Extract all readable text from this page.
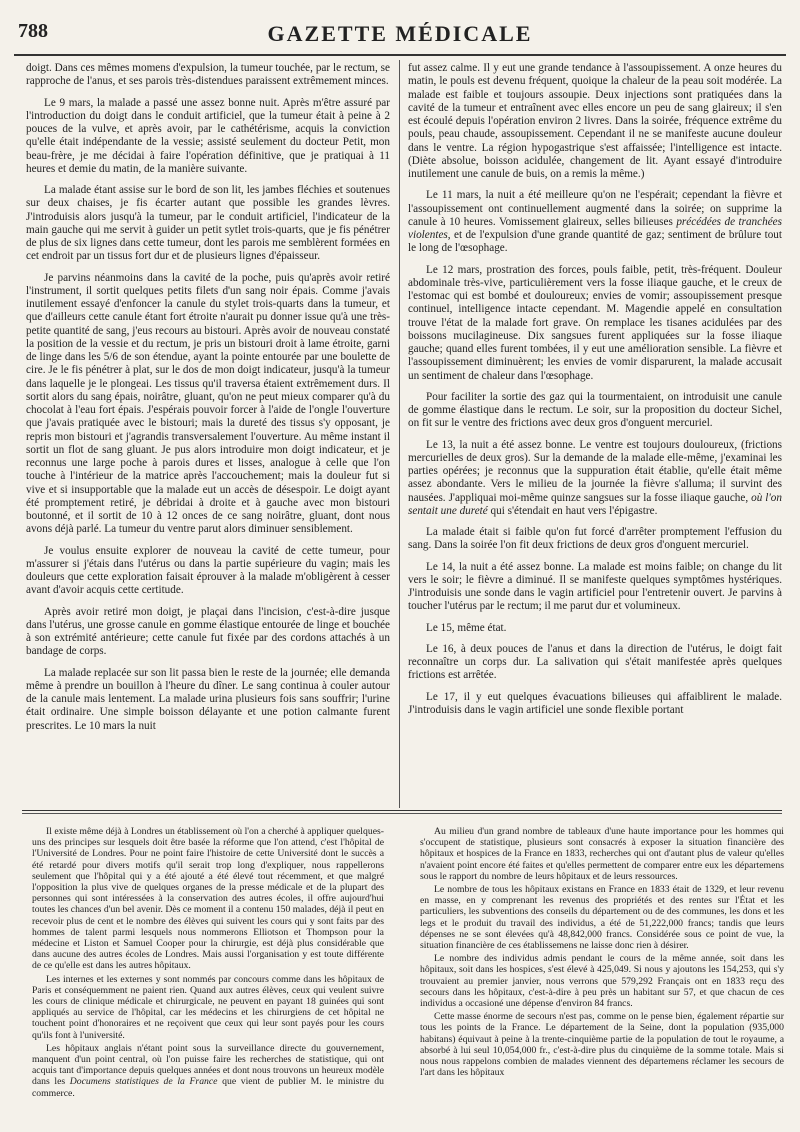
788	GAZETTE MÉDICALE

doigt. Dans ces mêmes momens d'expulsion, la tumeur touchée, par le rectum, se rapproche de l'anus, et ses parois très-distendues paraissent extrêmement minces.

Le 9 mars, la malade a passé une assez bonne nuit. Après m'être assuré par l'introduction du doigt dans le conduit artificiel, que la tumeur était à peine à 2 pouces de la vulve, et après avoir, par le cathétérisme, acquis la conviction qu'elle était indépendante de la vessie; assisté seulement du docteur Petit, mon beau-frère, je me décidai à faire l'opération définitive, que je pratiquai à 11 heures et demie du matin, de la manière suivante.

La malade étant assise sur le bord de son lit, les jambes fléchies et soutenues sur deux chaises, je fis écarter autant que possible les grandes lèvres. J'introduisis alors jusqu'à la tumeur, par le conduit artificiel, l'indicateur de la main gauche qui me servit à guider un petit sytlet trois-quarts, que je fis pénétrer de plus de six lignes dans cette tumeur, dont les parois me semblèrent formées en cet endroit par un tissus fort dur et de plusieurs lignes d'épaisseur.

Je parvins néanmoins dans la cavité de la poche, puis qu'après avoir retiré l'instrument, il sortit quelques petits filets d'un sang noir épais. Comme j'avais inutilement essayé d'enfoncer la canule du stylet trois-quarts dans la tumeur, et que d'ailleurs cette canule étant fort étroite n'aurait pu donner issue qu'à une très-petite quantité de sang, j'eus recours au bistouri. Après avoir de nouveau constaté la position de la vessie et du rectum, je pris un bistouri droit à lame étroite, garni de linge dans les 5/6 de son étendue, ayant la pointe entourée par une boulette de cire. Je le fis pénétrer à plat, sur le dos de mon doigt indicateur, jusqu'à la tumeur dans laquelle je le plongeai. Les tissus qu'il traversa étaient extrêmement durs. Il sortit alors du sang épais, noirâtre, gluant, qu'on ne peut mieux comparer qu'à du chocolat à l'eau fort épais. J'espérais pouvoir forcer à l'aide de l'ongle l'ouverture que j'avais pratiquée avec le bistouri; mais la dureté des tissus s'y opposant, je repris mon bistouri et j'agrandis transversalement l'ouverture. Au même instant il sortit un flot de sang gluant. Je pus alors introduire mon doigt indicateur, et je reconnus une large poche à parois dures et lisses, analogue à celle que l'on touche à l'intérieur de la matrice après l'accouchement; mais la douleur fut si vive et si insupportable que la malade eut un accès de désespoir. Le doigt ayant été promptement retiré, je débridai à droite et à gauche avec mon bistouri boutonné, et il sortit de 10 à 12 onces de ce sang noirâtre, gluant, dont nous avons déjà parlé. La tumeur du ventre parut alors diminuer sensiblement.

Je voulus ensuite explorer de nouveau la cavité de cette tumeur, pour m'assurer si j'étais dans l'utérus ou dans la partie supérieure du vagin; mais les douleurs que cette exploration faisait éprouver à la malade m'obligèrent à cesser avant d'avoir acquis cette certitude.

Après avoir retiré mon doigt, je plaçai dans l'incision, c'est-à-dire jusque dans l'utérus, une grosse canule en gomme élastique entourée de linge et bouchée à son extrémité antérieure; cette canule fut fixée par des cordons attachés à un bandage de corps.

La malade replacée sur son lit passa bien le reste de la journée; elle demanda même à prendre un bouillon à l'heure du dîner. Le sang continua à couler autour de la canule mais lentement. La malade urina plusieurs fois sans souffrir; l'urine était ordinaire. Une simple boisson délayante et une potion calmante furent prescrites. Le 10 mars la nuit

fut assez calme. Il y eut une grande tendance à l'assoupissement. A onze heures du matin, le pouls est devenu fréquent, quoique la chaleur de la peau soit modérée. La malade est faible et toujours assoupie. Deux injections sont pratiquées dans la cavité de la tumeur et entraînent avec elles encore un peu de sang glaireux; il s'en est écoulé depuis l'opération environ 2 livres. Dans la soirée, fréquence extrême du pouls, peau chaude, assoupissement. Cependant il ne se manifeste aucune douleur dans le ventre. La région hypogastrique s'est affaissée; l'intelligence est intacte. (Diète absolue, boisson acidulée, changement de lit. Ayant essayé d'introduire inutilement une canule de buis, on a remis la même.)

Le 11 mars, la nuit a été meilleure qu'on ne l'espérait; cependant la fièvre et l'assoupissement ont continuellement augmenté dans la soirée; on supprime la canule à 10 heures. Vomissement glaireux, selles bilieuses précédées de tranchées violentes, et de l'expulsion d'une grande quantité de gaz; sentiment de brûlure tout le long de l'œsophage.

Le 12 mars, prostration des forces, pouls faible, petit, très-fréquent. Douleur abdominale très-vive, particulièrement vers la fosse iliaque gauche, et le creux de l'estomac qui est bombé et douloureux; envies de vomir; assoupissement presque continuel, intelligence intacte cependant. M. Magendie appelé en consultation trouve l'état de la malade fort grave. On remplace les tisanes acidulées par des boissons mucilagineuse. Dix sangsues furent appliquées sur la fosse iliaque gauche; quand elles furent tombées, il y eut une amélioration sensible. La fièvre et l'assoupissement diminuèrent; les envies de vomir disparurent, la malade accusait un sentiment de chaleur dans l'œsophage.

Pour faciliter la sortie des gaz qui la tourmentaient, on introduisit une canule de gomme élastique dans le rectum. Le soir, sur la proposition du docteur Sichel, on fit sur le ventre des frictions avec deux gros d'onguent mercuriel.

Le 13, la nuit a été assez bonne. Le ventre est toujours douloureux, (frictions mercurielles de deux gros). Sur la demande de la malade elle-même, j'examinai les parties opérées; je reconnus que la suppuration était établie, qu'elle était même assez abondante. Vers le milieu de la journée la fièvre s'alluma; il survint des nausées. J'appliquai moi-même quinze sangsues sur la fosse iliaque gauche, où l'on sentait une dureté qui s'étendait en haut vers l'épigastre.

La malade était si faible qu'on fut forcé d'arrêter promptement l'effusion du sang. Dans la soirée l'on fit deux frictions de deux gros d'onguent mercuriel.

Le 14, la nuit a été assez bonne. La malade est moins faible; on change du lit vers le soir; le fièvre a diminué. Il se manifeste quelques symptômes hystériques. J'introduisis une sonde dans le vagin artificiel pour l'entretenir ouvert. Je parvins à toucher l'utérus par le rectum; il me parut dur et volumineux.

Le 15, même état.

Le 16, à deux pouces de l'anus et dans la direction de l'utérus, le doigt fait reconnaître un corps dur. La salivation qui s'était manifestée après quelques frictions est arrêtée.

Le 17, il y eut quelques évacuations bilieuses qui affaiblirent le malade. J'introduisis dans le vagin artificiel une sonde flexible portant

Il existe même déjà à Londres un établissement où l'on a cherché à appliquer quelques-uns des principes sur lesquels doit être basée la réforme que l'on attend, c'est l'hôpital de l'Université de Londres. Pour ne point faire l'histoire de cette Université dont le succès a été retardé pour divers motifs qu'il serait trop long d'expliquer, nous rappellerons seulement que l'hôpital qui y a été ajouté a été élevé tout récemment, et que malgré l'opposition la plus vive de quelques organes de la presse médicale et de la plupart des personnes qui sont intéressées à la conservation des autres écoles, il offre aujourd'hui toutes les chances d'un bel avenir. Dès ce moment il a contenu 150 malades, déjà il peut en recevoir plus de cent et le nombre des élèves qui suivent les cours qui y sont faits par des hommes de talent parmi lesquels nous nommerons Elliotson et Thompson pour la médecine et Liston et Samuel Cooper pour la chirurgie, est déjà plus considérable que dans aucune des autres écoles de Londres. Mais aussi l'organisation y est toute différente de ce qu'elle est dans les autres hôpitaux.

Les internes et les externes y sont nommés par concours comme dans les hôpitaux de Paris et conséquemment ne paient rien. Quand aux autres élèves, ceux qui veulent suivre les cours de clinique médicale et chirurgicale, ne peuvent en payant 18 guinées qui sont appliqués au service de l'hôpital, car les médecins et les chirurgiens de cet hôpital ne touchent point d'honoraires et ne reçoivent que ceux qui leur sont payés pour les cours qu'ils font à l'université.

Les hôpitaux anglais n'étant point sous la surveillance directe du gouvernement, manquent d'un point central, où l'on puisse faire les recherches de statistique, qui ont acquis tant d'importance depuis quelques années et dont nous trouvons un heureux modèle dans les Documens statistiques de la France que vient de publier M. le ministre du commerce.

Au milieu d'un grand nombre de tableaux d'une haute importance pour les hommes qui s'occupent de statistique, plusieurs sont consacrés à exposer la situation financière des hôpitaux et hospices de la France en 1833, recherches qui ont d'autant plus de valeur qu'elles n'avaient point encore été faites et qu'elles permettent de comparer entre eux les départemens sous le rapport du nombre de leurs hôpitaux et de leurs ressources.

Le nombre de tous les hôpitaux existans en France en 1833 était de 1329, et leur revenu en masse, en y comprenant les revenus des propriétés et des rentes sur l'État et les particuliers, les subventions des conseils du département ou de des communes, les dons et les legs et le produit du travail des individus, a été de 51,222,000 francs; tandis que leurs dépenses ne se sont élevées qu'à 48,842,000 francs. Considérée sous ce point de vue, la situation financière de ces établissemens ne laisse donc rien à désirer.

Le nombre des individus admis pendant le cours de la même année, soit dans les hôpitaux, soit dans les hospices, s'est élevé à 425,049. Si nous y ajoutons les 154,253, qui s'y trouvaient au premier janvier, nous verrons que 579,292 Français ont en 1833 reçu des secours dans les hôpitaux, c'est-à-dire à peu près un habitant sur 57, et que chacun de ces individus a occasioné une dépense d'environ 84 francs.

Cette masse énorme de secours n'est pas, comme on le pense bien, également répartie sur tous les points de la France. Le département de la Seine, dont la population (935,000 habitans) équivaut à peine à la trente-cinquième partie de la population de tout le royaume, a absorbé à lui seul 10,054,000 fr., c'est-à-dire plus du cinquième de la somme totale. Mais si nous nous rappelons combien de malades viennent des départemens réclamer les secours de l'art dans les hôpitaux
